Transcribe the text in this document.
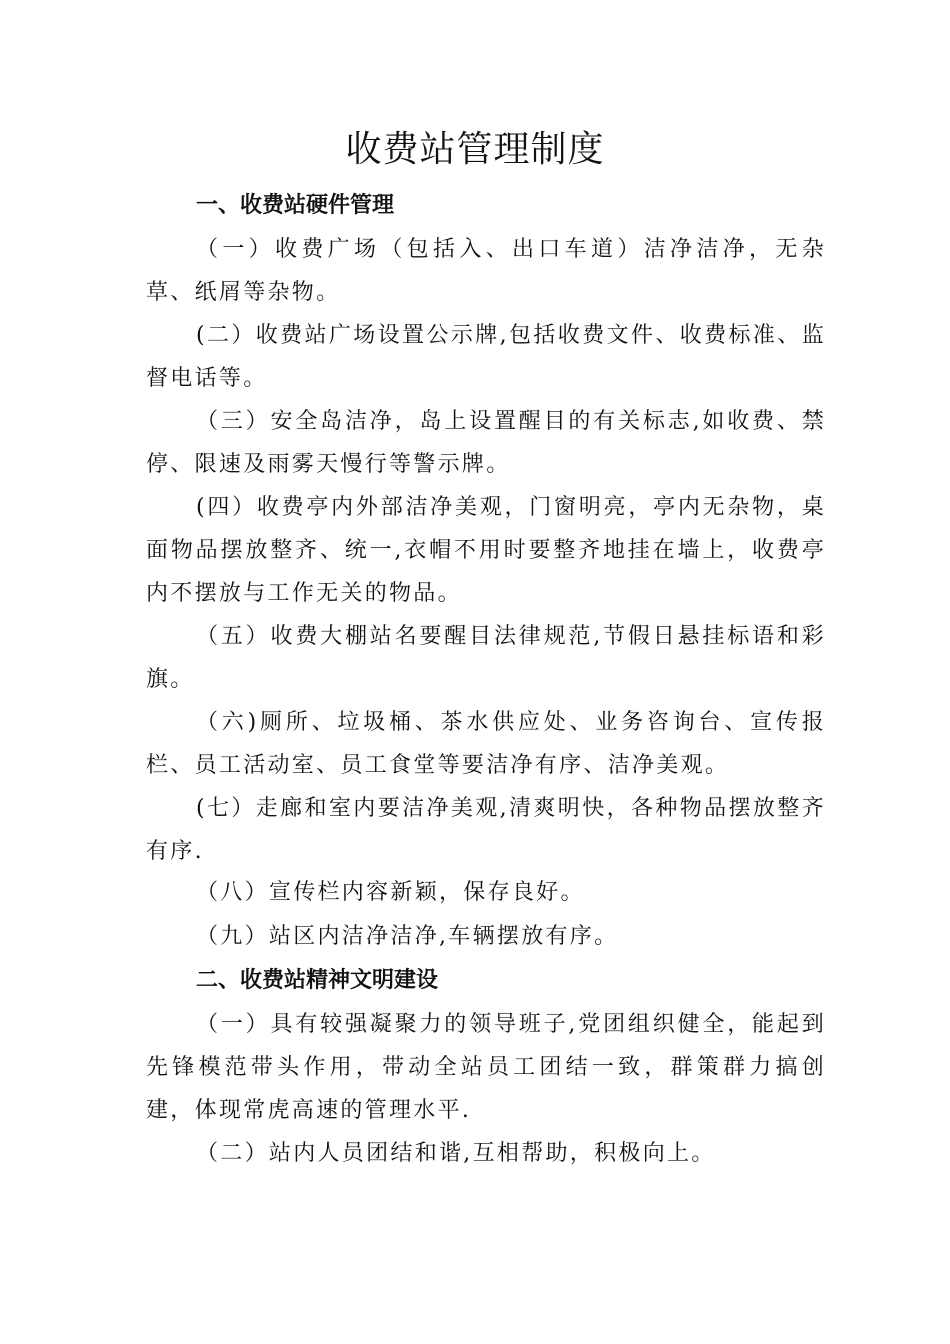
收费站管理制度
一、收费站硬件管理

（一）收费广场（包括入、出口车道）洁净洁净，无杂草、纸屑等杂物。

(二）收费站广场设置公示牌,包括收费文件、收费标准、监督电话等。

（三）安全岛洁净，岛上设置醒目的有关标志,如收费、禁停、限速及雨雾天慢行等警示牌。

(四）收费亭内外部洁净美观，门窗明亮，亭内无杂物，桌面物品摆放整齐、统一,衣帽不用时要整齐地挂在墙上，收费亭内不摆放与工作无关的物品。

（五）收费大棚站名要醒目法律规范,节假日悬挂标语和彩旗。

（六)厕所、垃圾桶、茶水供应处、业务咨询台、宣传报栏、员工活动室、员工食堂等要洁净有序、洁净美观。

(七）走廊和室内要洁净美观,清爽明快，各种物品摆放整齐有序.

（八）宣传栏内容新颖，保存良好。

（九）站区内洁净洁净,车辆摆放有序。

二、收费站精神文明建设

（一）具有较强凝聚力的领导班子,党团组织健全，能起到先锋模范带头作用，带动全站员工团结一致，群策群力搞创建，体现常虎高速的管理水平.

（二）站内人员团结和谐,互相帮助，积极向上。
